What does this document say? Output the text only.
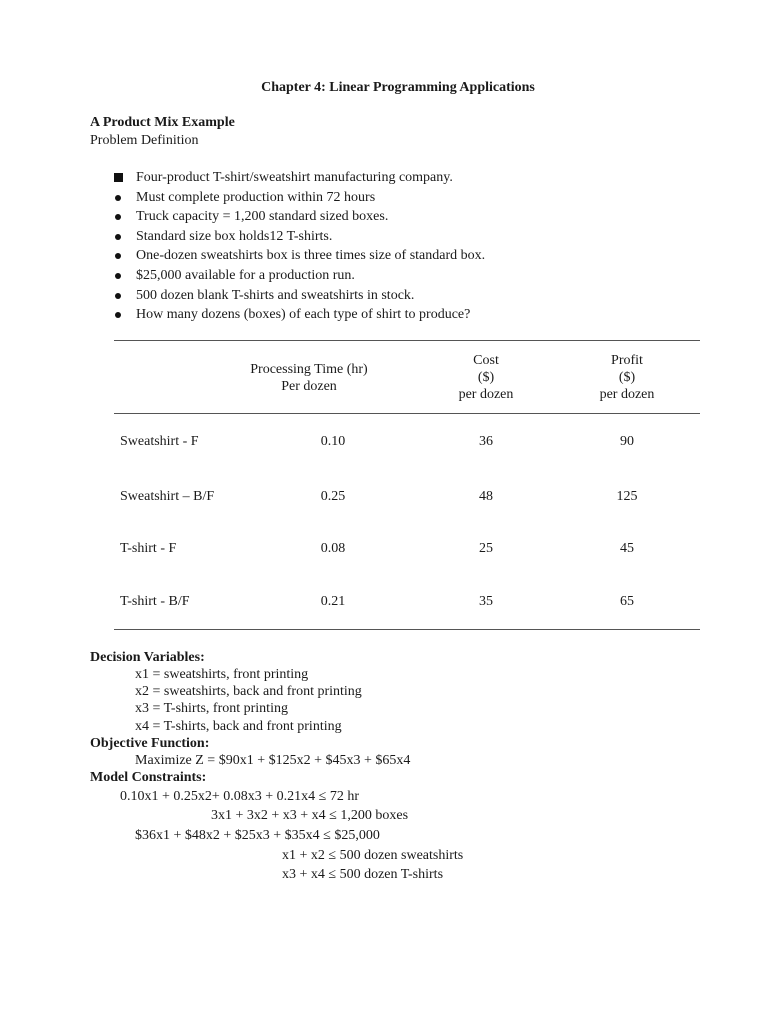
Chapter 4: Linear Programming Applications
A Product Mix Example
Problem Definition
Four-product T-shirt/sweatshirt manufacturing company.
Must complete production within 72 hours
Truck capacity = 1,200 standard sized boxes.
Standard size box holds12 T-shirts.
One-dozen sweatshirts box is three times size of standard box.
$25,000 available for a production run.
500 dozen blank T-shirts and sweatshirts in stock.
How many dozens (boxes) of each type of shirt to produce?
Processing Time (hr)
Per dozen
Cost
($)
per dozen
Profit
($)
per dozen
Sweatshirt - F	0.10	36	90
Sweatshirt – B/F	0.25	48	125
T-shirt - F	0.08	25	45
T-shirt - B/F	0.21	35	65
Decision Variables:
x1 = sweatshirts, front printing
x2 = sweatshirts, back and front printing
x3 = T-shirts, front printing
x4 = T-shirts, back and front printing
Objective Function:
Maximize Z = $90x1 + $125x2 + $45x3 + $65x4
Model Constraints:
0.10x1 + 0.25x2+ 0.08x3 + 0.21x4 ≤ 72 hr
3x1 + 3x2 + x3 + x4 ≤ 1,200 boxes
$36x1 + $48x2 + $25x3 + $35x4 ≤ $25,000
x1 + x2 ≤ 500 dozen sweatshirts
x3 + x4 ≤ 500 dozen T-shirts
